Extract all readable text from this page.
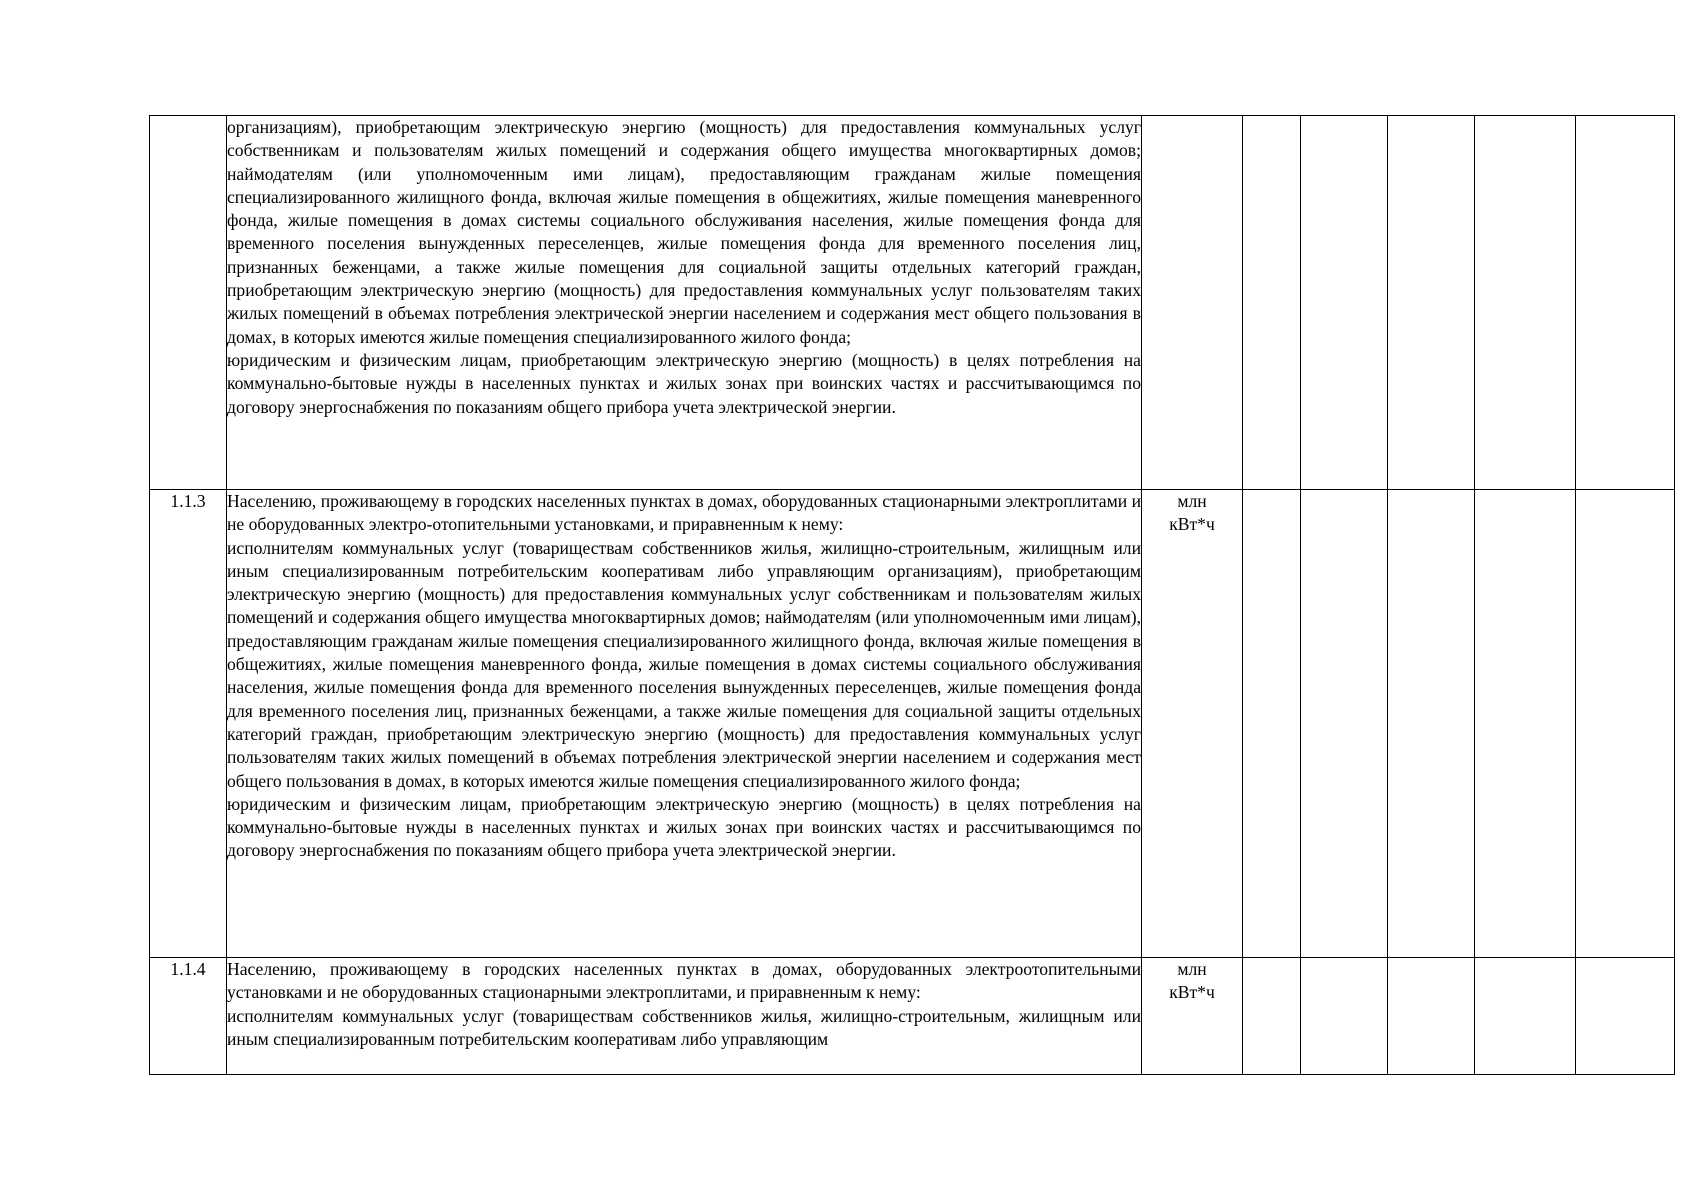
	организациям), приобретающим электрическую энергию (мощность) для предоставления коммунальных услуг собственникам и пользователям жилых помещений и содержания общего имущества многоквартирных домов; наймодателям (или уполномоченным ими лицам), предоставляющим гражданам жилые помещения специализированного жилищного фонда, включая жилые помещения в общежитиях, жилые помещения маневренного фонда, жилые помещения в домах системы социального обслуживания населения, жилые помещения фонда для временного поселения вынужденных переселенцев, жилые помещения фонда для временного поселения лиц, признанных беженцами, а также жилые помещения для социальной защиты отдельных категорий граждан, приобретающим электрическую энергию (мощность) для предоставления коммунальных услуг пользователям таких жилых помещений в объемах потребления электрической энергии населением и содержания мест общего пользования в домах, в которых имеются жилые помещения специализированного жилого фонда;
юридическим и физическим лицам, приобретающим электрическую энергию (мощность) в целях потребления на коммунально-бытовые нужды в населенных пунктах и жилых зонах при воинских частях и рассчитывающимся по договору энергоснабжения по показаниям общего прибора учета электрической энергии.						

1.1.3	Населению, проживающему в городских населенных пунктах в домах, оборудованных стационарными электроплитами и не оборудованных электро-отопительными установками, и приравненным к нему:
исполнителям коммунальных услуг (товариществам собственников жилья, жилищно-строительным, жилищным или иным специализированным потребительским кооперативам либо управляющим организациям), приобретающим электрическую энергию (мощность) для предоставления коммунальных услуг собственникам и пользователям жилых помещений и содержания общего имущества многоквартирных домов; наймодателям (или уполномоченным ими лицам), предоставляющим гражданам жилые помещения специализированного жилищного фонда, включая жилые помещения в общежитиях, жилые помещения маневренного фонда, жилые помещения в домах системы социального обслуживания населения, жилые помещения фонда для временного поселения вынужденных переселенцев, жилые помещения фонда для временного поселения лиц, признанных беженцами, а также жилые помещения для социальной защиты отдельных категорий граждан, приобретающим электрическую энергию (мощность) для предоставления коммунальных услуг пользователям таких жилых помещений в объемах потребления электрической энергии населением и содержания мест общего пользования в домах, в которых имеются жилые помещения специализированного жилого фонда;
юридическим и физическим лицам, приобретающим электрическую энергию (мощность) в целях потребления на коммунально-бытовые нужды в населенных пунктах и жилых зонах при воинских частях и рассчитывающимся по договору энергоснабжения по показаниям общего прибора учета электрической энергии.	млн
кВт*ч					

1.1.4	Населению, проживающему в городских населенных пунктах в домах, оборудованных электроотопительными установками и не оборудованных стационарными электроплитами, и приравненным к нему:
исполнителям коммунальных услуг (товариществам собственников жилья, жилищно-строительным, жилищным или иным специализированным потребительским кооперативам либо управляющим	млн
кВт*ч					
